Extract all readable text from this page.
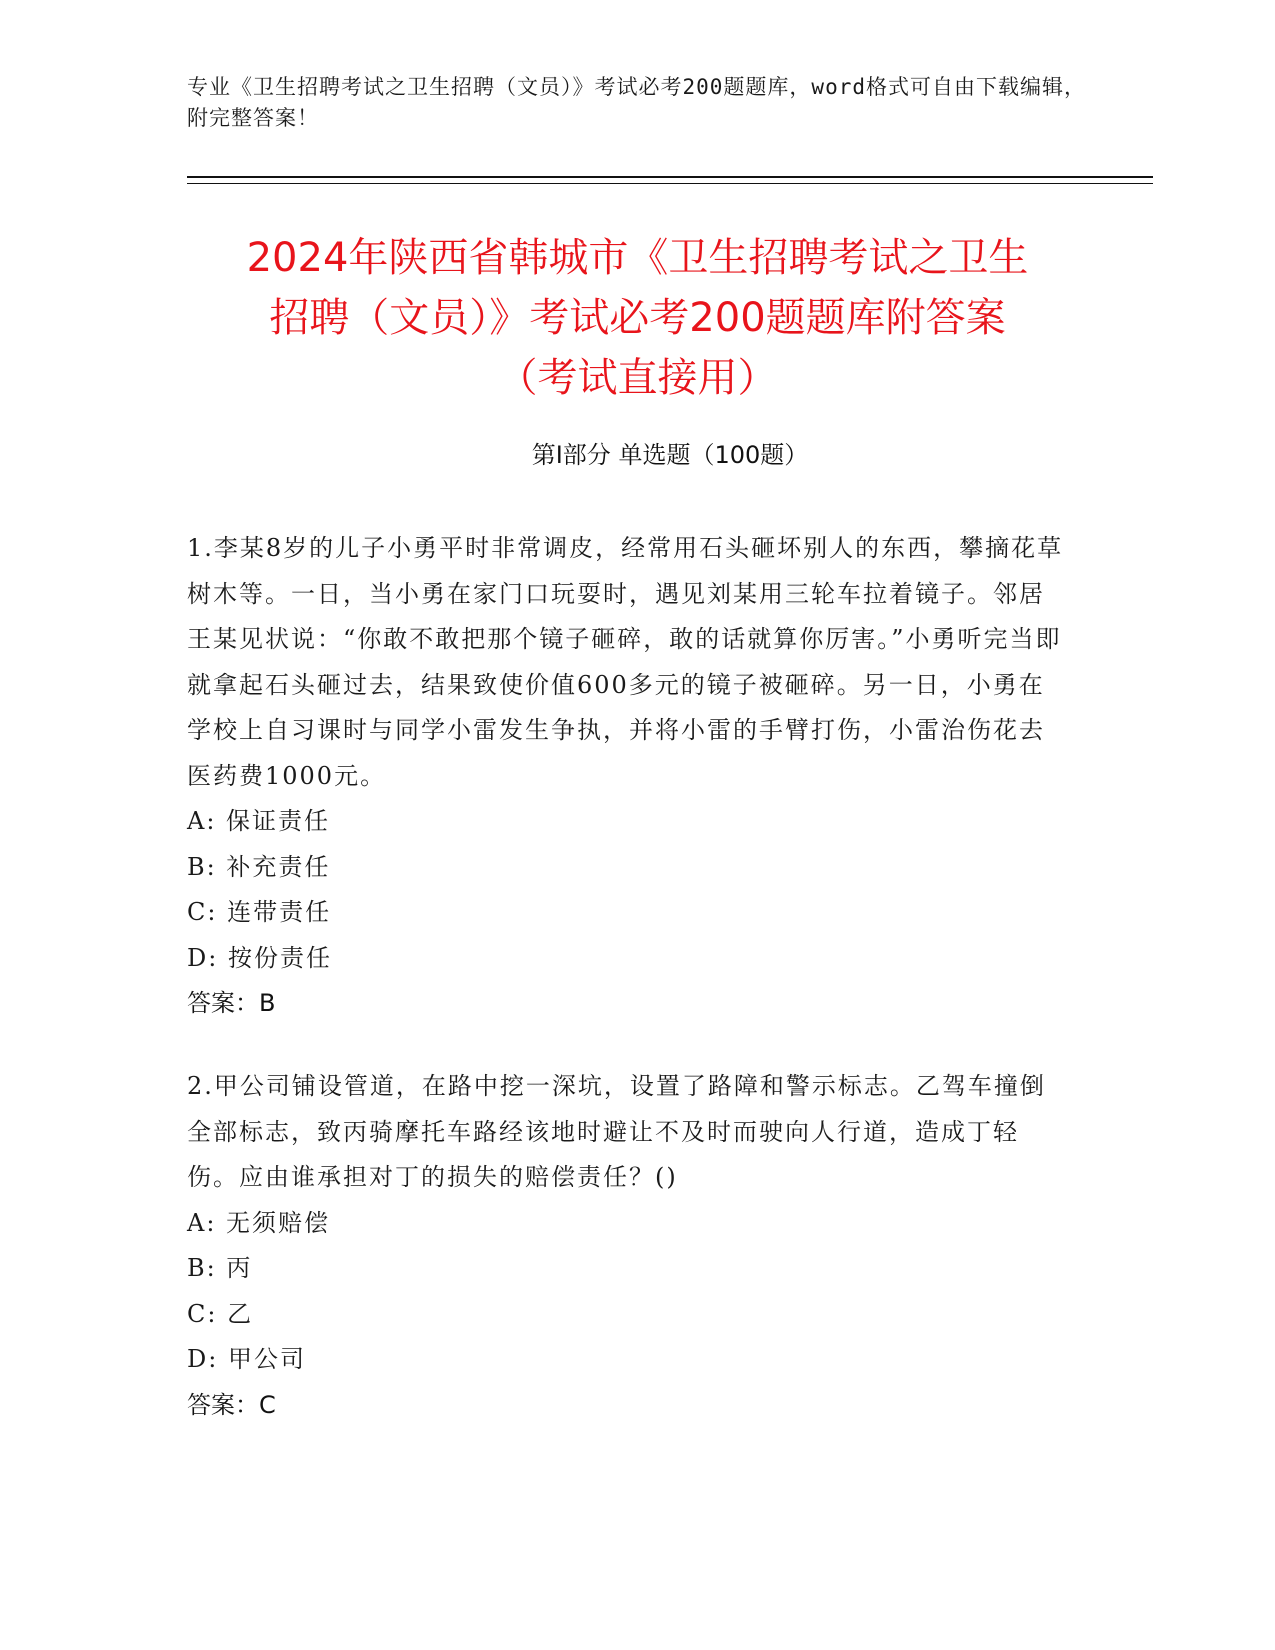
专业《卫生招聘考试之卫生招聘（文员）》考试必考200题题库，word格式可自由下载编辑，附完整答案！
2024年陕西省韩城市《卫生招聘考试之卫生
招聘（文员）》考试必考200题题库附答案
（考试直接用）
第Ⅰ部分 单选题（100题）

1.李某8岁的儿子小勇平时非常调皮，经常用石头砸坏别人的东西，攀摘花草树木等。一日，当小勇在家门口玩耍时，遇见刘某用三轮车拉着镜子。邻居王某见状说：“你敢不敢把那个镜子砸碎，敢的话就算你厉害。”小勇听完当即就拿起石头砸过去，结果致使价值600多元的镜子被砸碎。另一日，小勇在学校上自习课时与同学小雷发生争执，并将小雷的手臂打伤，小雷治伤花去医药费1000元。

A: 保证责任

B: 补充责任

C: 连带责任

D: 按份责任

答案：B

2.甲公司铺设管道，在路中挖一深坑，设置了路障和警示标志。乙驾车撞倒全部标志，致丙骑摩托车路经该地时避让不及时而驶向人行道，造成丁轻伤。应由谁承担对丁的损失的赔偿责任？()

A: 无须赔偿

B: 丙

C: 乙

D: 甲公司

答案：C
